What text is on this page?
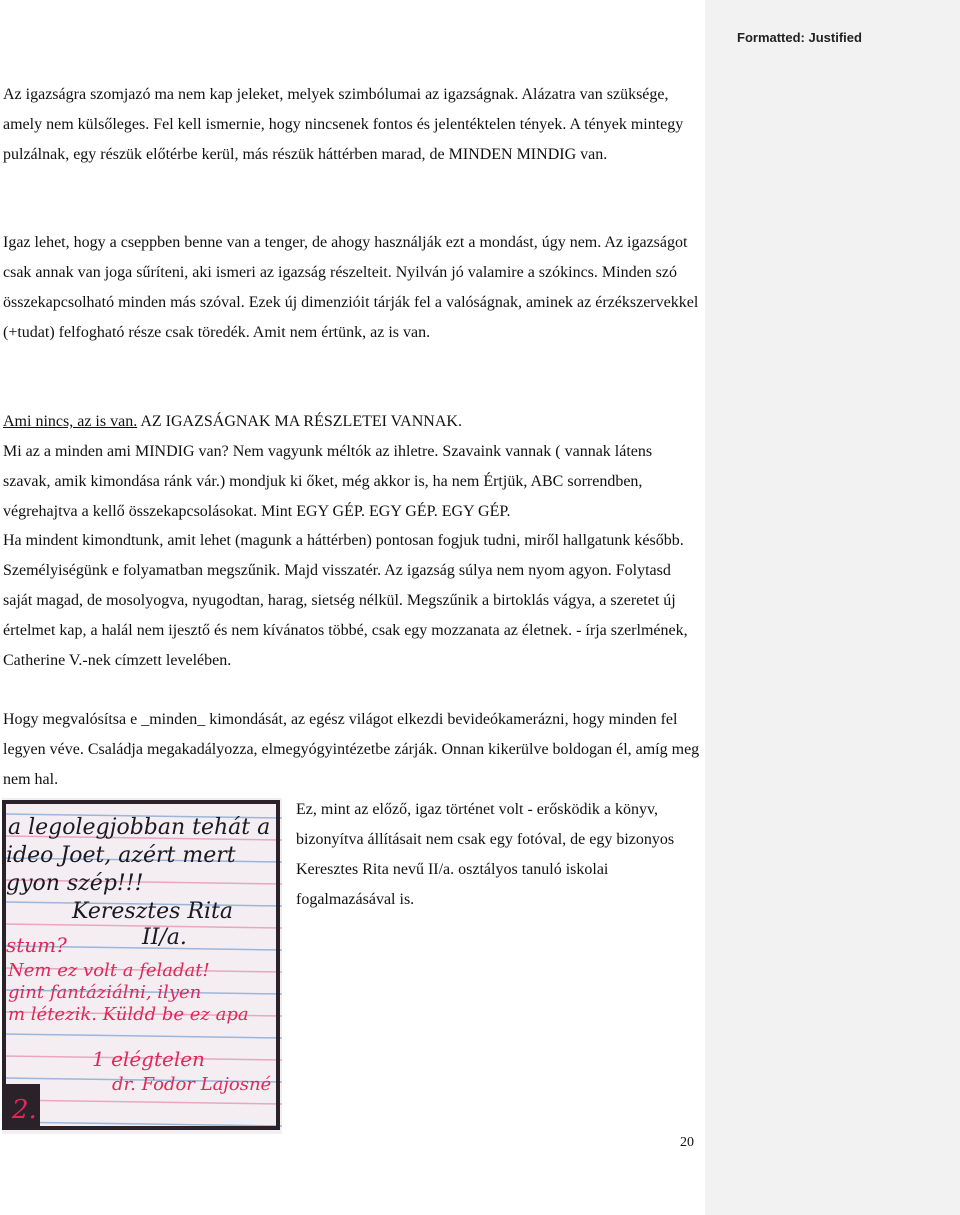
Az igazságra szomjazó ma nem kap jeleket, melyek szimbólumai az igazságnak. Alázatra van szüksége, amely nem külsőleges. Fel kell ismernie, hogy nincsenek fontos és jelentéktelen tények. A tények mintegy pulzálnak, egy részük előtérbe kerül, más részük háttérben marad, de MINDEN MINDIG van.

Igaz lehet, hogy a cseppben benne van a tenger, de ahogy használják ezt a mondást, úgy nem. Az igazságot csak annak van joga sűríteni, aki ismeri az igazság részelteit. Nyilván jó valamire a szókincs. Minden szó összekapcsolható minden más szóval. Ezek új dimenzióit tárják fel a valóságnak, aminek az érzékszervekkel (+tudat) felfogható része csak töredék. Amit nem értünk, az is van.

Ami nincs, az is van. AZ IGAZSÁGNAK MA RÉSZLETEI VANNAK.

Mi az a minden ami MINDIG van? Nem vagyunk méltók az ihletre. Szavaink vannak ( vannak látens szavak, amik kimondása ránk vár.) mondjuk ki őket, még akkor is, ha nem Értjük, ABC sorrendben, végrehajtva a kellő összekapcsolásokat. Mint EGY GÉP. EGY GÉP. EGY GÉP.

Ha mindent kimondtunk, amit lehet (magunk a háttérben) pontosan fogjuk tudni, miről hallgatunk később. Személyiségünk e folyamatban megszűnik. Majd visszatér. Az igazság súlya nem nyom agyon. Folytasd saját magad, de mosolyogva, nyugodtan, harag, sietség nélkül. Megszűnik a birtoklás vágya, a szeretet új értelmet kap, a halál nem ijesztő és nem kívánatos többé, csak egy mozzanata az életnek. - írja szerlmének, Catherine V.-nek címzett levelében.

Hogy megvalósítsa e _minden_ kimondását, az egész világot elkezdi bevideókamerázni, hogy minden fel legyen véve. Családja megakadályozza, elmegyógyintézetbe zárják. Onnan kikerülve boldogan él, amíg meg nem hal.

a legolegjobban tehát a
ideo Joet, azért mert
gyon szép!!!
Keresztes Rita
II/a.
stum?
Nem ez volt a feladat!
gint fantáziálni, ilyen
m létezik. Küldd be ez apa
1 elégtelen
dr. Fodor Lajosné
2.

Ez, mint az előző, igaz történet volt - erősködik a könyv, bizonyítva állításait nem csak egy fotóval, de egy bizonyos Keresztes Rita nevű II/a. osztályos tanuló iskolai fogalmazásával is.

20
Formatted: Justified
